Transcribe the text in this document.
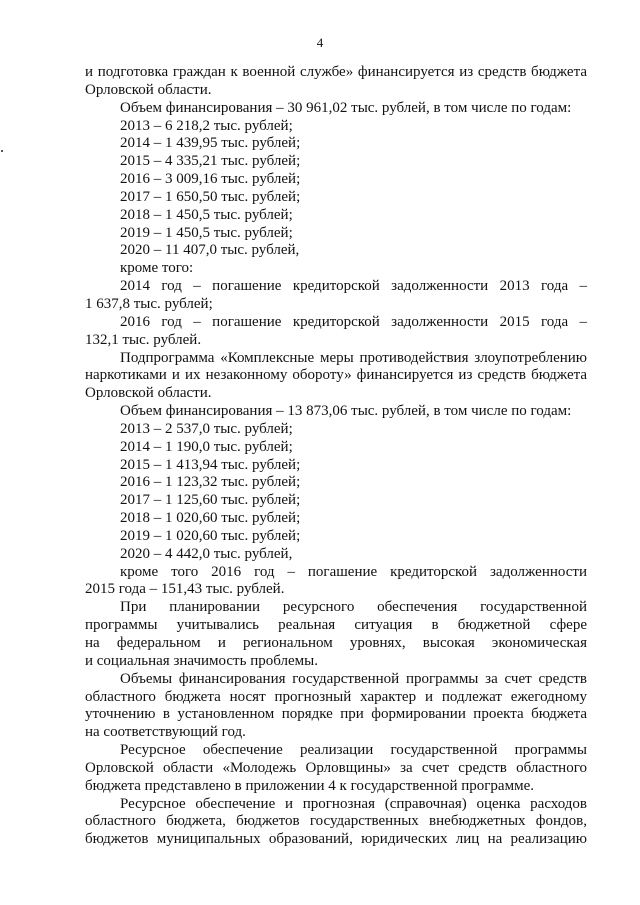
4
и подготовка граждан к военной службе» финансируется из средств бюджета
Орловской области.
Объем финансирования – 30 961,02 тыс. рублей, в том числе по годам:
2013 – 6 218,2 тыс. рублей;
2014 – 1 439,95 тыс. рублей;
2015 – 4 335,21 тыс. рублей;
2016 – 3 009,16 тыс. рублей;
2017 – 1 650,50 тыс. рублей;
2018 – 1 450,5 тыс. рублей;
2019 – 1 450,5 тыс. рублей;
2020 – 11 407,0 тыс. рублей,
кроме того:
2014 год – погашение кредиторской задолженности 2013 года –
1 637,8 тыс. рублей;
2016 год – погашение кредиторской задолженности 2015 года –
132,1 тыс. рублей.
Подпрограмма «Комплексные меры противодействия злоупотреблению
наркотиками и их незаконному обороту» финансируется из средств бюджета
Орловской области.
Объем финансирования – 13 873,06 тыс. рублей, в том числе по годам:
2013 – 2 537,0 тыс. рублей;
2014 – 1 190,0 тыс. рублей;
2015 – 1 413,94 тыс. рублей;
2016 – 1 123,32 тыс. рублей;
2017 – 1 125,60 тыс. рублей;
2018 – 1 020,60 тыс. рублей;
2019 – 1 020,60 тыс. рублей;
2020 – 4 442,0 тыс. рублей,
кроме того 2016 год – погашение кредиторской задолженности
2015 года – 151,43 тыс. рублей.
При планировании ресурсного обеспечения государственной
программы учитывались реальная ситуация в бюджетной сфере
на федеральном и региональном уровнях, высокая экономическая
и социальная значимость проблемы.
Объемы финансирования государственной программы за счет средств
областного бюджета носят прогнозный характер и подлежат ежегодному
уточнению в установленном порядке при формировании проекта бюджета
на соответствующий год.
Ресурсное обеспечение реализации государственной программы
Орловской области «Молодежь Орловщины» за счет средств областного
бюджета представлено в приложении 4 к государственной программе.
Ресурсное обеспечение и прогнозная (справочная) оценка расходов
областного бюджета, бюджетов государственных внебюджетных фондов,
бюджетов муниципальных образований, юридических лиц на реализацию
